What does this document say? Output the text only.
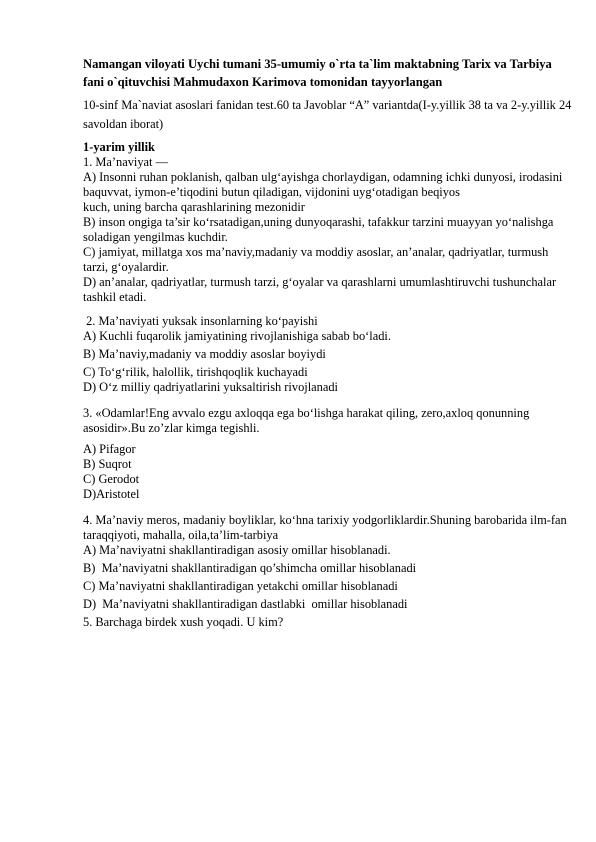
Namangan viloyati Uychi tumani 35-umumiy o`rta ta`lim maktabning Tarix va Tarbiya fani o`qituvchisi Mahmudaxon Karimova tomonidan tayyorlangan

10-sinf Ma`naviat asoslari fanidan test.60 ta Javoblar “A” variantda(I-y.yillik 38 ta va 2-y.yillik 24 savoldan iborat)

1-yarim yillik

1. Ma’naviyat —

A) Insonni ruhan poklanish, qalban ulg‘ayishga chorlaydigan, odamning ichki dunyosi, irodasini baquvvat, iymon-e’tiqodini butun qiladigan, vijdonini uyg‘otadigan beqiyos
kuch, uning barcha qarashlarining mezonidir
B) inson ongiga ta’sir ko‘rsatadigan,uning dunyoqarashi, tafakkur tarzini muayyan yo‘nalishga soladigan yengilmas kuchdir.
C) jamiyat, millatga xos ma’naviy,madaniy va moddiy asoslar, an’analar, qadriyatlar, turmush tarzi, g‘oyalardir.
D) an’analar, qadriyatlar, turmush tarzi, g‘oyalar va qarashlarni umumlashtiruvchi tushunchalar tashkil etadi.

2. Ma’naviyati yuksak insonlarning ko‘payishi

A) Kuchli fuqarolik jamiyatining rivojlanishiga sabab bo‘ladi.
B) Ma’naviy,madaniy va moddiy asoslar boyiydi
C) To‘g‘rilik, halollik, tirishqoqlik kuchayadi
D) O‘z milliy qadriyatlarini yuksaltirish rivojlanadi

3. «Odamlar!Eng avvalo ezgu axloqqa ega bo‘lishga harakat qiling, zero,axloq qonunning

asosidir».Bu zo’zlar kimga tegishli.

A) Pifagor
B) Suqrot
C) Gerodot
D)Aristotel

4. Ma’naviy meros, madaniy boyliklar, ko‘hna tarixiy yodgorliklardir.Shuning barobarida ilm-fan taraqqiyoti, mahalla, oila,ta’lim-tarbiya

A) Ma’naviyatni shakllantiradigan asosiy omillar hisoblanadi.
B)  Ma’naviyatni shakllantiradigan qo’shimcha omillar hisoblanadi
C) Ma’naviyatni shakllantiradigan yetakchi omillar hisoblanadi
D)  Ma’naviyatni shakllantiradigan dastlabki  omillar hisoblanadi

5. Barchaga birdek xush yoqadi. U kim?
